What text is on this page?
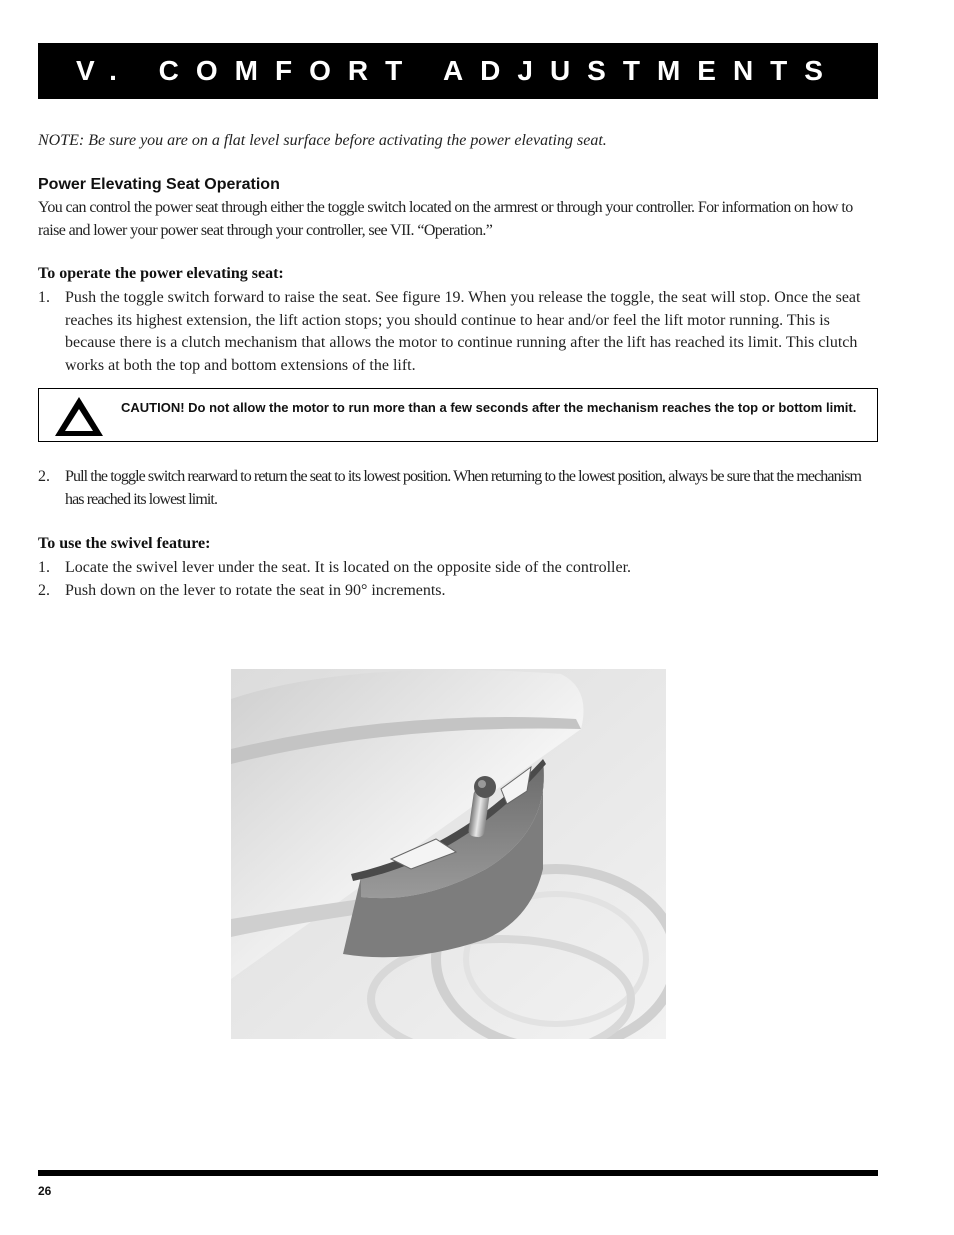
V. COMFORT ADJUSTMENTS
NOTE: Be sure you are on a flat level surface before activating the power elevating seat.
Power Elevating Seat Operation
You can control the power seat through either the toggle switch located on the armrest or through your controller. For information on how to raise and lower your power seat through your controller, see VII. “Operation.”
To operate the power elevating seat:
1. Push the toggle switch forward to raise the seat. See figure 19. When you release the toggle, the seat will stop. Once the seat reaches its highest extension, the lift action stops; you should continue to hear and/or feel the lift motor running. This is because there is a clutch mechanism that allows the motor to continue running after the lift has reached its limit. This clutch works at both the top and bottom extensions of the lift.
CAUTION! Do not allow the motor to run more than a few seconds after the mechanism reaches the top or bottom limit.
2. Pull the toggle switch rearward to return the seat to its lowest position. When returning to the lowest position, always be sure that the mechanism has reached its lowest limit.
To use the swivel feature:
1. Locate the swivel lever under the seat. It is located on the opposite side of the controller.
2. Push down on the lever to rotate the seat in 90° increments.
26
